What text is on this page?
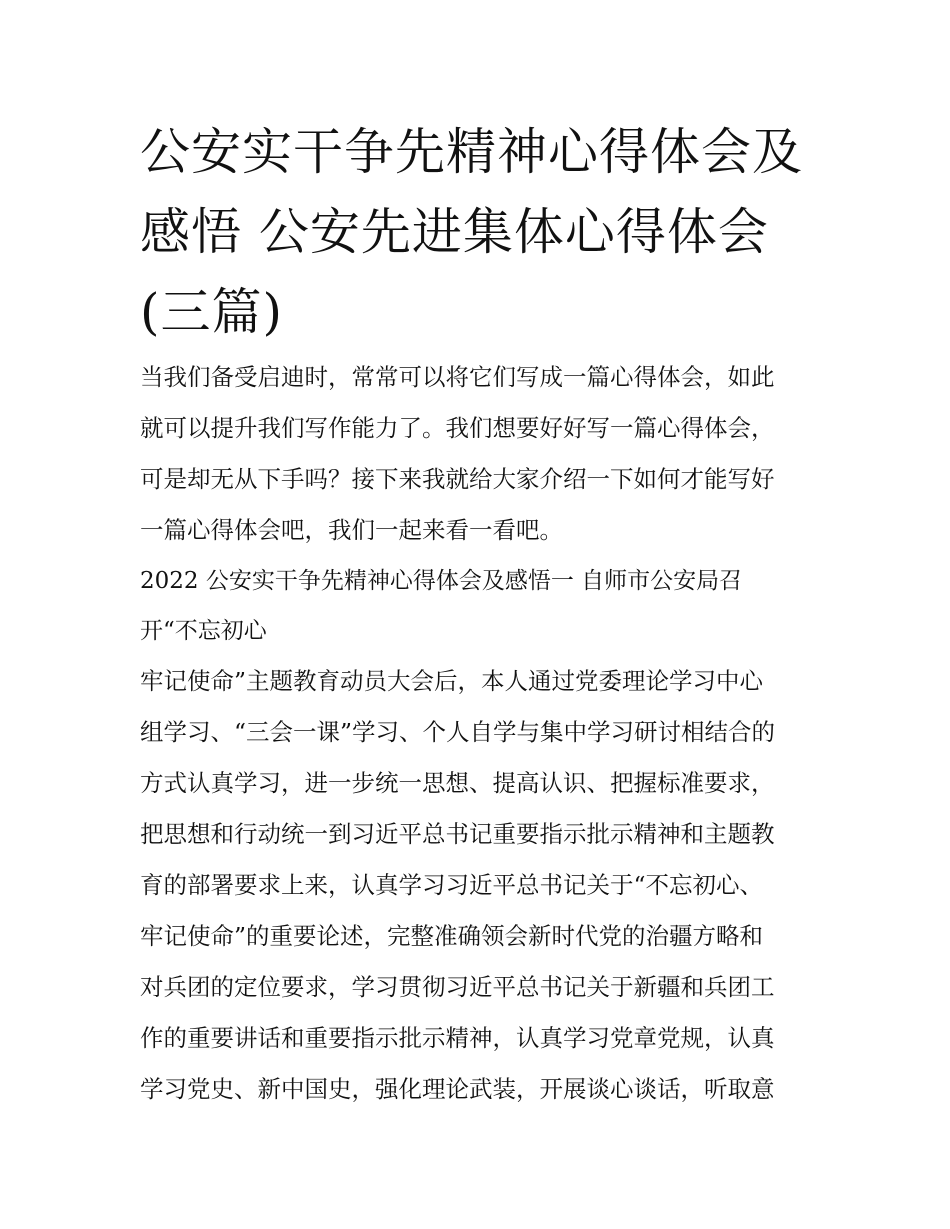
公安实干争先精神心得体会及
感悟 公安先进集体心得体会
(三篇)
当我们备受启迪时，常常可以将它们写成一篇心得体会，如此
就可以提升我们写作能力了。我们想要好好写一篇心得体会，
可是却无从下手吗？接下来我就给大家介绍一下如何才能写好
一篇心得体会吧，我们一起来看一看吧。
2022 公安实干争先精神心得体会及感悟一 自师市公安局召
开“不忘初心
牢记使命”主题教育动员大会后，本人通过党委理论学习中心
组学习、“三会一课”学习、个人自学与集中学习研讨相结合的
方式认真学习，进一步统一思想、提高认识、把握标准要求，
把思想和行动统一到习近平总书记重要指示批示精神和主题教
育的部署要求上来，认真学习习近平总书记关于“不忘初心、
牢记使命”的重要论述，完整准确领会新时代党的治疆方略和
对兵团的定位要求，学习贯彻习近平总书记关于新疆和兵团工
作的重要讲话和重要指示批示精神，认真学习党章党规，认真
学习党史、新中国史，强化理论武装，开展谈心谈话，听取意
